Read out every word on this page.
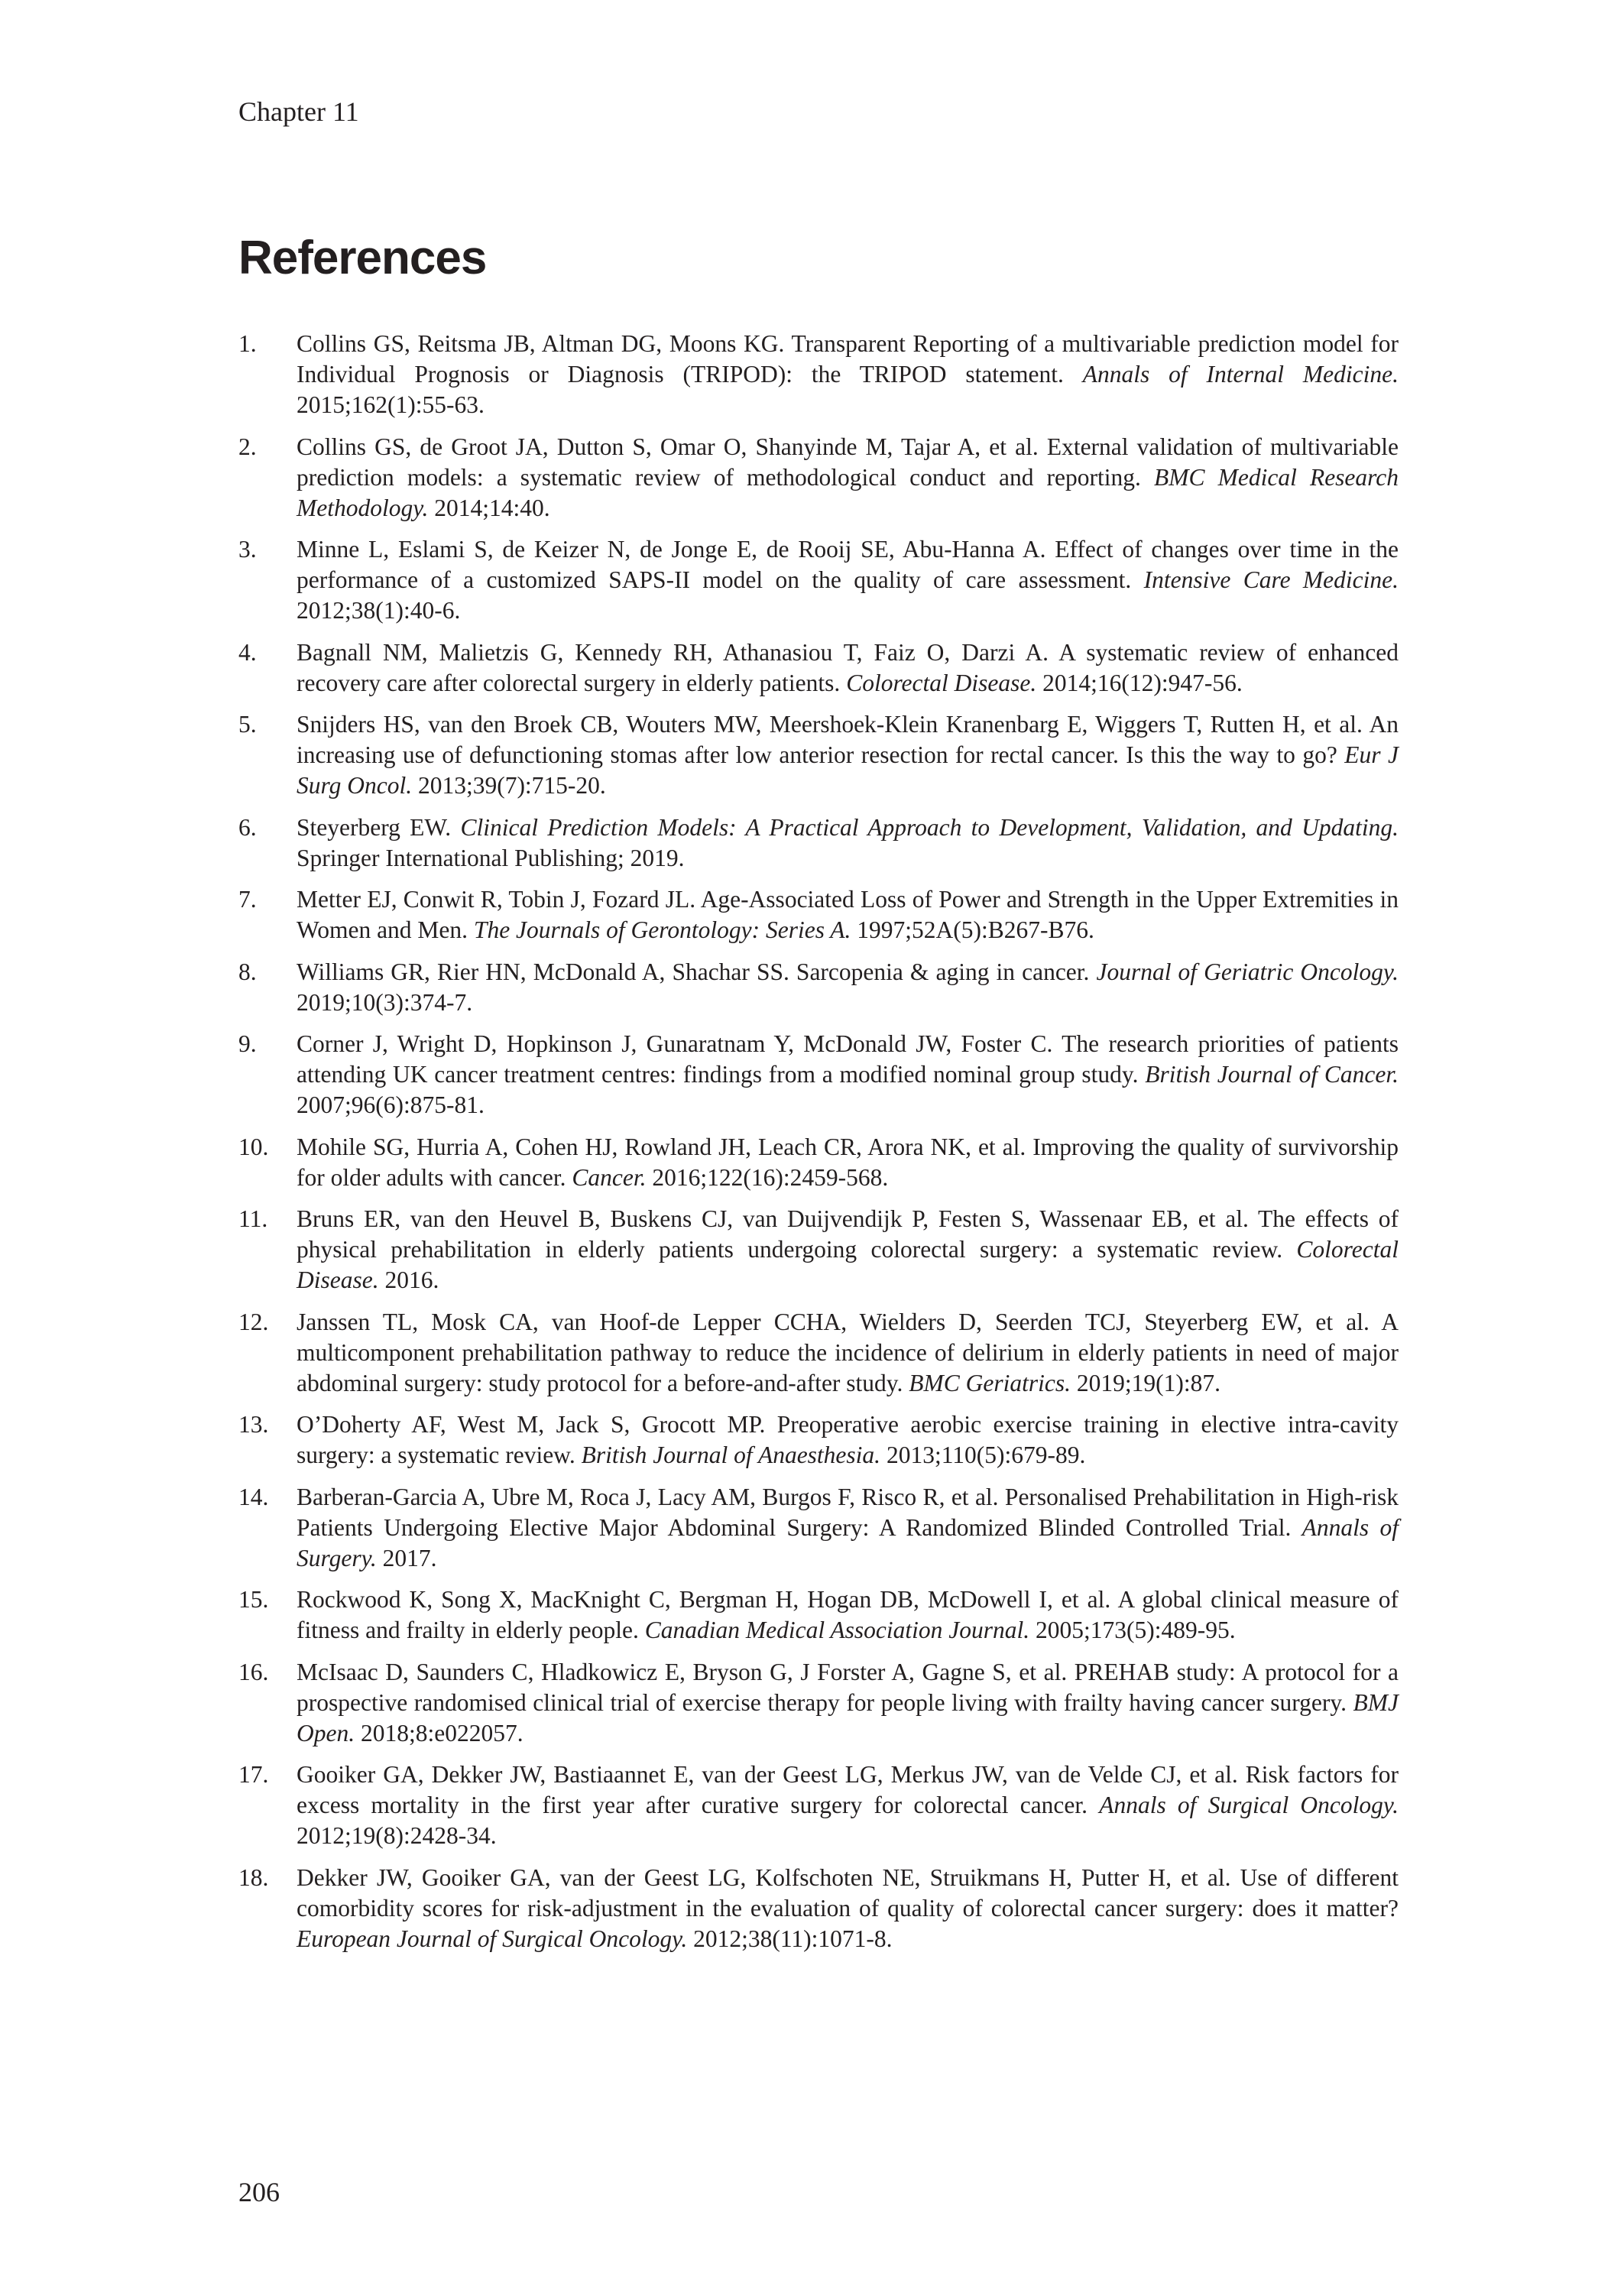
Chapter 11
References
1.	Collins GS, Reitsma JB, Altman DG, Moons KG. Transparent Reporting of a multivariable prediction model for Individual Prognosis or Diagnosis (TRIPOD): the TRIPOD statement. Annals of Internal Medicine. 2015;162(1):55-63.
2.	Collins GS, de Groot JA, Dutton S, Omar O, Shanyinde M, Tajar A, et al. External validation of multivariable prediction models: a systematic review of methodological conduct and reporting. BMC Medical Research Methodology. 2014;14:40.
3.	Minne L, Eslami S, de Keizer N, de Jonge E, de Rooij SE, Abu-Hanna A. Effect of changes over time in the performance of a customized SAPS-II model on the quality of care assessment. Intensive Care Medicine. 2012;38(1):40-6.
4.	Bagnall NM, Malietzis G, Kennedy RH, Athanasiou T, Faiz O, Darzi A. A systematic review of enhanced recovery care after colorectal surgery in elderly patients. Colorectal Disease. 2014;16(12):947-56.
5.	Snijders HS, van den Broek CB, Wouters MW, Meershoek-Klein Kranenbarg E, Wiggers T, Rutten H, et al. An increasing use of defunctioning stomas after low anterior resection for rectal cancer. Is this the way to go? Eur J Surg Oncol. 2013;39(7):715-20.
6.	Steyerberg EW. Clinical Prediction Models: A Practical Approach to Development, Validation, and Updating. Springer International Publishing; 2019.
7.	Metter EJ, Conwit R, Tobin J, Fozard JL. Age-Associated Loss of Power and Strength in the Upper Extremities in Women and Men. The Journals of Gerontology: Series A. 1997;52A(5):B267-B76.
8.	Williams GR, Rier HN, McDonald A, Shachar SS. Sarcopenia & aging in cancer. Journal of Geriatric Oncology. 2019;10(3):374-7.
9.	Corner J, Wright D, Hopkinson J, Gunaratnam Y, McDonald JW, Foster C. The research priorities of patients attending UK cancer treatment centres: findings from a modified nominal group study. British Journal of Cancer. 2007;96(6):875-81.
10.	Mohile SG, Hurria A, Cohen HJ, Rowland JH, Leach CR, Arora NK, et al. Improving the quality of survivorship for older adults with cancer. Cancer. 2016;122(16):2459-568.
11.	Bruns ER, van den Heuvel B, Buskens CJ, van Duijvendijk P, Festen S, Wassenaar EB, et al. The effects of physical prehabilitation in elderly patients undergoing colorectal surgery: a systematic review. Colorectal Disease. 2016.
12.	Janssen TL, Mosk CA, van Hoof-de Lepper CCHA, Wielders D, Seerden TCJ, Steyerberg EW, et al. A multicomponent prehabilitation pathway to reduce the incidence of delirium in elderly patients in need of major abdominal surgery: study protocol for a before-and-after study. BMC Geriatrics. 2019;19(1):87.
13.	O’Doherty AF, West M, Jack S, Grocott MP. Preoperative aerobic exercise training in elective intra-cavity surgery: a systematic review. British Journal of Anaesthesia. 2013;110(5):679-89.
14.	Barberan-Garcia A, Ubre M, Roca J, Lacy AM, Burgos F, Risco R, et al. Personalised Prehabilitation in High-risk Patients Undergoing Elective Major Abdominal Surgery: A Randomized Blinded Controlled Trial. Annals of Surgery. 2017.
15.	Rockwood K, Song X, MacKnight C, Bergman H, Hogan DB, McDowell I, et al. A global clinical measure of fitness and frailty in elderly people. Canadian Medical Association Journal. 2005;173(5):489-95.
16.	McIsaac D, Saunders C, Hladkowicz E, Bryson G, J Forster A, Gagne S, et al. PREHAB study: A protocol for a prospective randomised clinical trial of exercise therapy for people living with frailty having cancer surgery. BMJ Open. 2018;8:e022057.
17.	Gooiker GA, Dekker JW, Bastiaannet E, van der Geest LG, Merkus JW, van de Velde CJ, et al. Risk factors for excess mortality in the first year after curative surgery for colorectal cancer. Annals of Surgical Oncology. 2012;19(8):2428-34.
18.	Dekker JW, Gooiker GA, van der Geest LG, Kolfschoten NE, Struikmans H, Putter H, et al. Use of different comorbidity scores for risk-adjustment in the evaluation of quality of colorectal cancer surgery: does it matter? European Journal of Surgical Oncology. 2012;38(11):1071-8.
206
